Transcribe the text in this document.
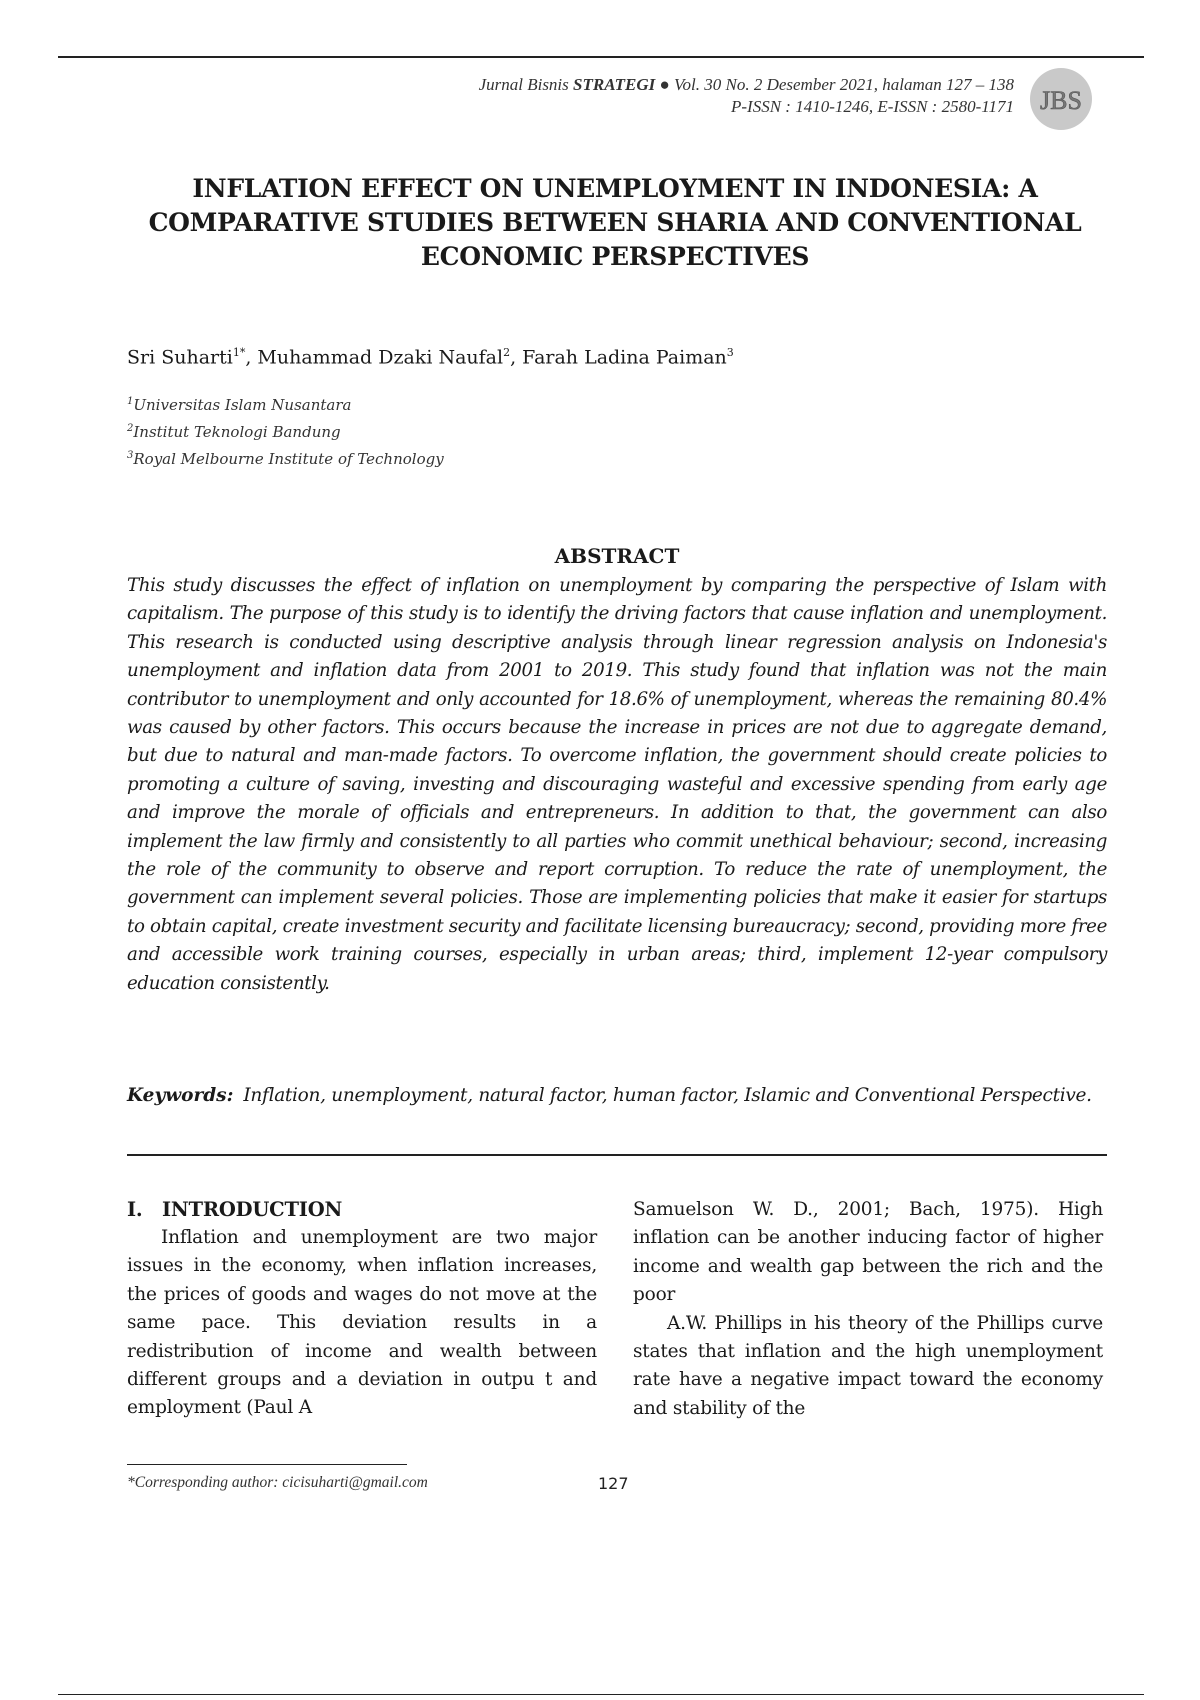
Jurnal Bisnis STRATEGI ● Vol. 30 No. 2 Desember 2021, halaman 127 – 138
P-ISSN : 1410-1246, E-ISSN : 2580-1171 JBS
INFLATION EFFECT ON UNEMPLOYMENT IN INDONESIA: A COMPARATIVE STUDIES BETWEEN SHARIA AND CONVENTIONAL ECONOMIC PERSPECTIVES
Sri Suharti$^{1*}$, Muhammad Dzaki Naufal$^2$, Farah Ladina Paiman$^3$
$^1$Universitas Islam Nusantara
$^2$Institut Teknologi Bandung
$^3$Royal Melbourne Institute of Technology
ABSTRACT
This study discusses the effect of inflation on unemployment by comparing the perspective of Islam with capitalism. The purpose of this study is to identify the driving factors that cause inflation and unemployment. This research is conducted using descriptive analysis through linear regression analysis on Indonesia's unemployment and inflation data from 2001 to 2019. This study found that inflation was not the main contributor to unemployment and only accounted for 18.6% of unemployment, whereas the remaining 80.4% was caused by other factors. This occurs because the increase in prices are not due to aggregate demand, but due to natural and man-made factors. To overcome inflation, the government should create policies to promoting a culture of saving, investing and discouraging wasteful and excessive spending from early age and improve the morale of officials and entrepreneurs. In addition to that, the government can also implement the law firmly and consistently to all parties who commit unethical behaviour; second, increasing the role of the community to observe and report corruption. To reduce the rate of unemployment, the government can implement several policies. Those are implementing policies that make it easier for startups to obtain capital, create investment security and facilitate licensing bureaucracy; second, providing more free and accessible work training courses, especially in urban areas; third, implement 12-year compulsory education consistently.
Keywords: Inflation, unemployment, natural factor, human factor, Islamic and Conventional Perspective.
I. INTRODUCTION
Inflation and unemployment are two major issues in the economy, when inflation increases, the prices of goods and wages do not move at the same pace. This deviation results in a redistribution of income and wealth between different groups and a deviation in outpu t and employment (Paul A
Samuelson W. D., 2001; Bach, 1975). High inflation can be another inducing factor of higher income and wealth gap between the rich and the poor
A.W. Phillips in his theory of the Phillips curve states that inflation and the high unemployment rate have a negative impact toward the economy and stability of the
*Corresponding author: cicisuharti@gmail.com	127
